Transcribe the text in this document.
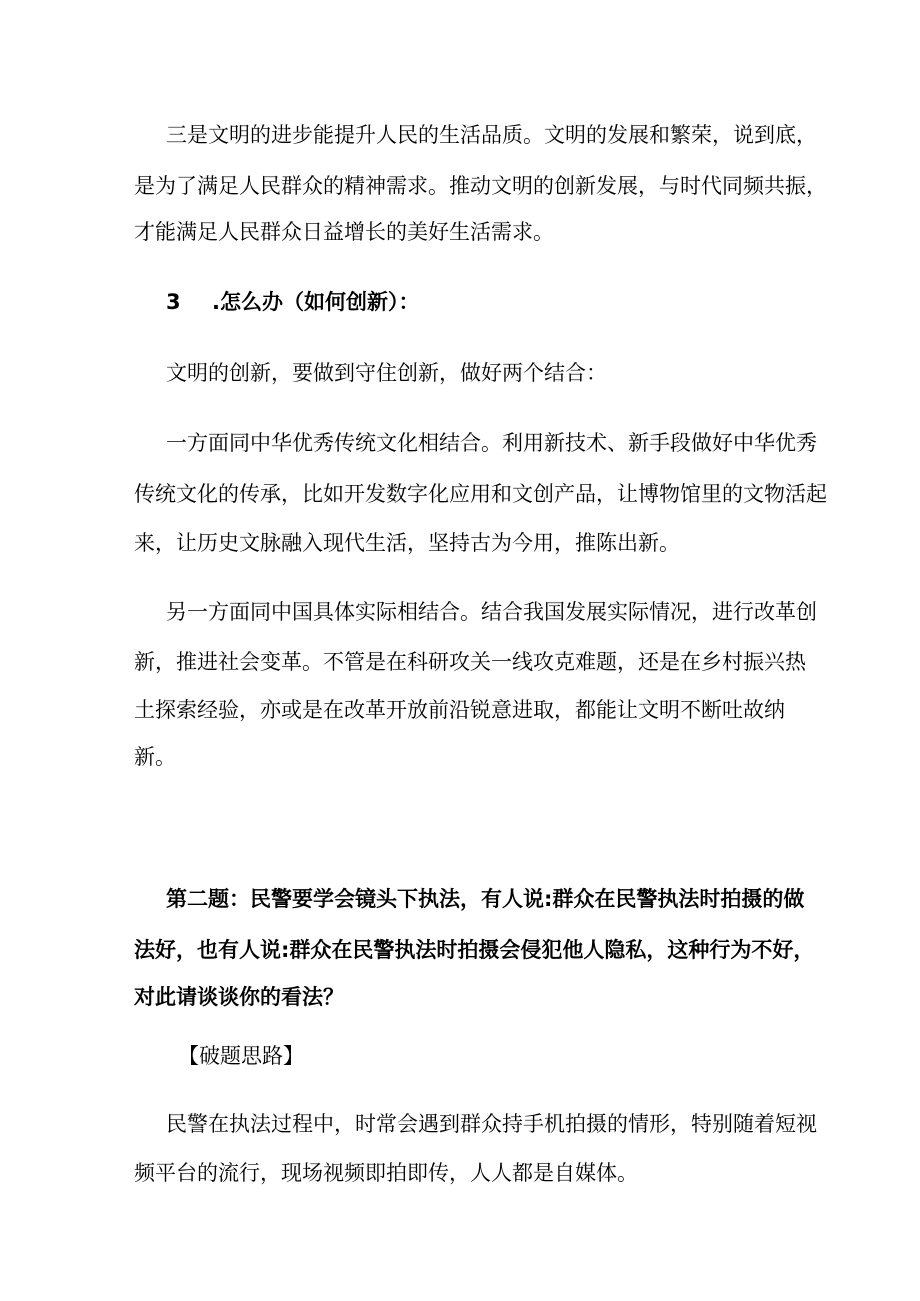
三是文明的进步能提升人民的生活品质。文明的发展和繁荣，说到底，
是为了满足人民群众的精神需求。推动文明的创新发展，与时代同频共振，
才能满足人民群众日益增长的美好生活需求。
3 .怎么办（如何创新）：
文明的创新，要做到守住创新，做好两个结合：
一方面同中华优秀传统文化相结合。利用新技术、新手段做好中华优秀
传统文化的传承，比如开发数字化应用和文创产品，让博物馆里的文物活起
来，让历史文脉融入现代生活，坚持古为今用，推陈出新。
另一方面同中国具体实际相结合。结合我国发展实际情况，进行改革创
新，推进社会变革。不管是在科研攻关一线攻克难题，还是在乡村振兴热
土探索经验，亦或是在改革开放前沿锐意进取，都能让文明不断吐故纳
新。
第二题：民警要学会镜头下执法，有人说:群众在民警执法时拍摄的做
法好，也有人说:群众在民警执法时拍摄会侵犯他人隐私，这种行为不好，
对此请谈谈你的看法？
【破题思路】
民警在执法过程中，时常会遇到群众持手机拍摄的情形，特别随着短视
频平台的流行，现场视频即拍即传，人人都是自媒体。
